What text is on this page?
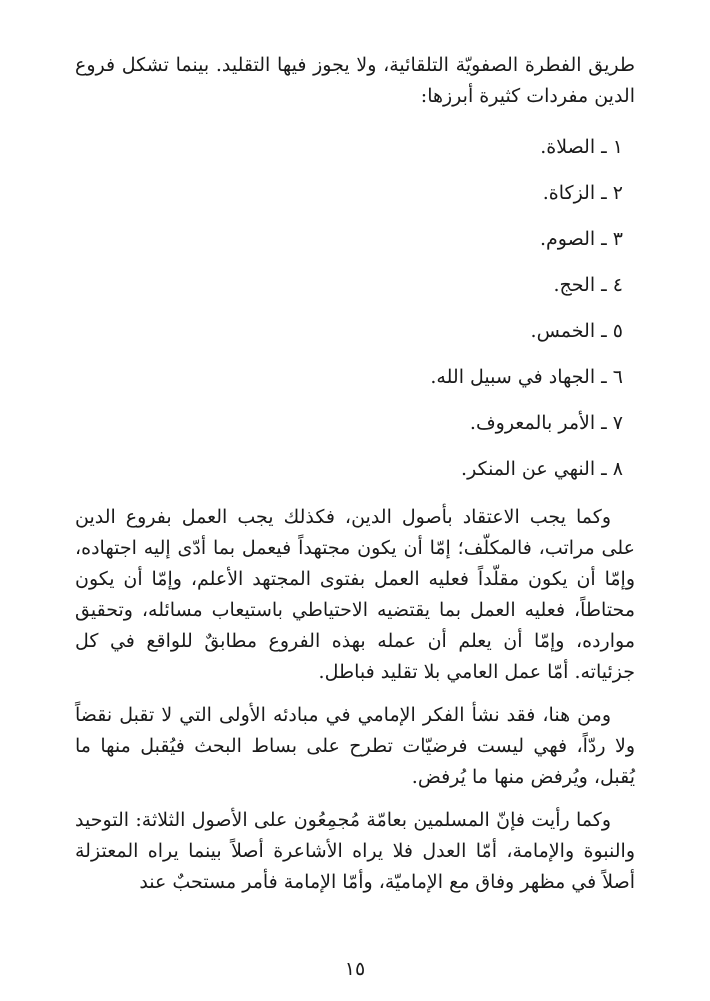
طريق الفطرة الصفويّة التلقائية، ولا يجوز فيها التقليد. بينما تشكل فروع الدين مفردات كثيرة أبرزها:

١ ـ الصلاة.
٢ ـ الزكاة.
٣ ـ الصوم.
٤ ـ الحج.
٥ ـ الخمس.
٦ ـ الجهاد في سبيل الله.
٧ ـ الأمر بالمعروف.
٨ ـ النهي عن المنكر.

وكما يجب الاعتقاد بأصول الدين، فكذلك يجب العمل بفروع الدين على مراتب، فالمكلّف؛ إمّا أن يكون مجتهداً فيعمل بما أدّى إليه اجتهاده، وإمّا أن يكون مقلّداً فعليه العمل بفتوى المجتهد الأعلم، وإمّا أن يكون محتاطاً، فعليه العمل بما يقتضيه الاحتياطي باستيعاب مسائله، وتحقيق موارده، وإمّا أن يعلم أن عمله بهذه الفروع مطابقٌ للواقع في كل جزئياته. أمّا عمل العامي بلا تقليد فباطل.

ومن هنا، فقد نشأ الفكر الإمامي في مبادئه الأولى التي لا تقبل نقضاً ولا ردّاً، فهي ليست فرضيّات تطرح على بساط البحث فيُقبل منها ما يُقبل، ويُرفض منها ما يُرفض.

وكما رأيت فإنّ المسلمين بعامّة مُجمِعُون على الأصول الثلاثة: التوحيد والنبوة والإمامة، أمّا العدل فلا يراه الأشاعرة أصلاً بينما يراه المعتزلة أصلاً في مظهر وفاق مع الإماميّة، وأمّا الإمامة فأمر مستحبٌ عند

١٥
